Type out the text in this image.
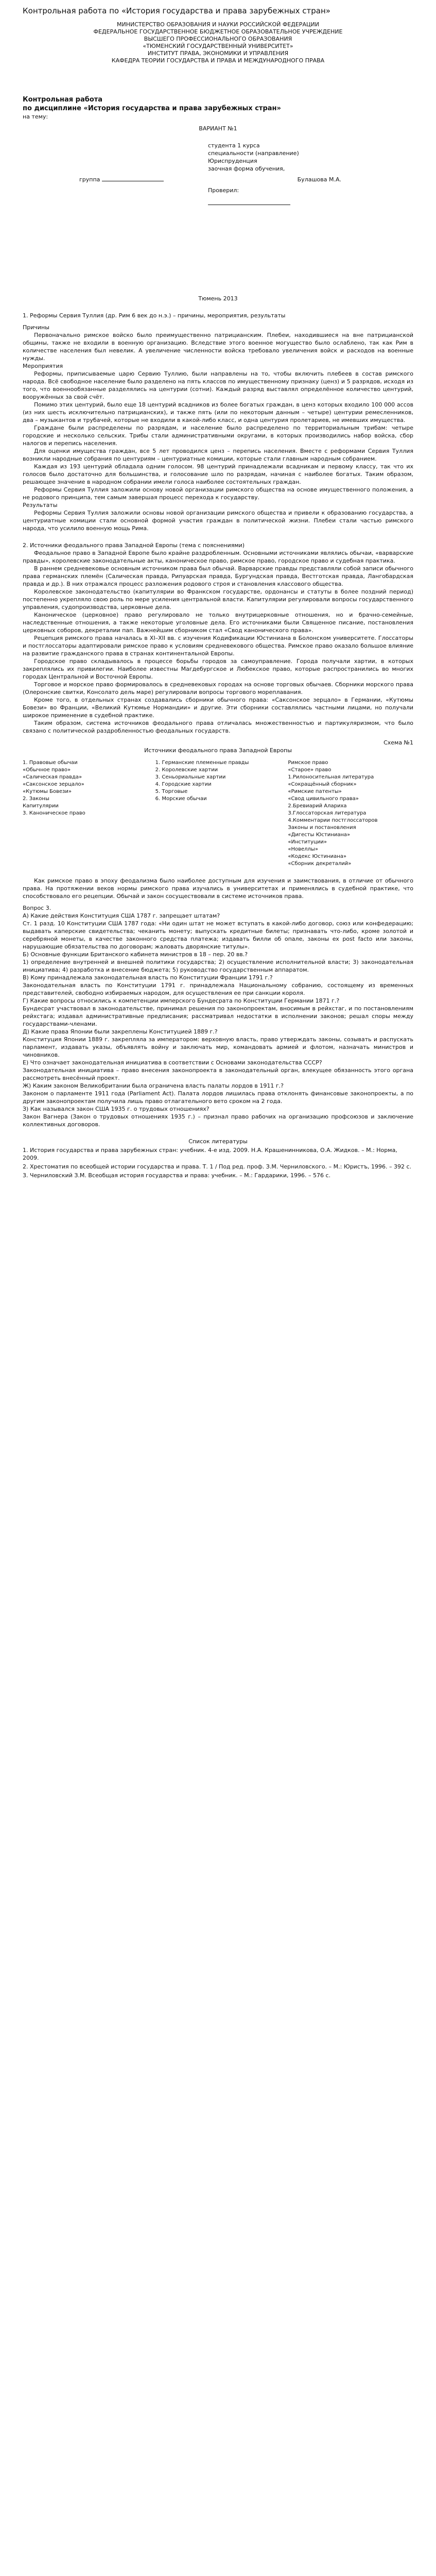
Контрольная работа по «История государства и права зарубежных стран»

МИНИСТЕРСТВО ОБРАЗОВАНИЯ И НАУКИ РОССИЙСКОЙ ФЕДЕРАЦИИ

ФЕДЕРАЛЬНОЕ ГОСУДАРСТВЕННОЕ БЮДЖЕТНОЕ ОБРАЗОВАТЕЛЬНОЕ УЧРЕЖДЕНИЕ

ВЫСШЕГО ПРОФЕССИОНАЛЬНОГО ОБРАЗОВАНИЯ

«ТЮМЕНСКИЙ ГОСУДАРСТВЕННЫЙ УНИВЕРСИТЕТ»

ИНСТИТУТ ПРАВА, ЭКОНОМИКИ И УПРАВЛЕНИЯ

КАФЕДРА ТЕОРИИ ГОСУДАРСТВА И ПРАВА И МЕЖДУНАРОДНОГО ПРАВА

Контрольная работа

по дисциплине «История государства и права зарубежных стран»

на тему:

ВАРИАНТ №1

студента 1 курса

специальности (направление)

Юриспруденция

заочная форма обучения,

группа	Булашова М.А.

Проверил:

Тюмень 2013

1. Реформы Сервия Туллия (др. Рим 6 век до н.э.) – причины, мероприятия, результаты

Причины

Первоначально римское войско было преимущественно патрицианским. Плебеи, находившиеся на вне патрицианской общины, также не входили в военную организацию. Вследствие этого военное могущество было ослаблено, так как Рим в количестве населения был невелик. А увеличение численности войска требовало увеличения войск и расходов на военные нужды.

Мероприятия

Реформы, приписываемые царю Сервию Туллию, были направлены на то, чтобы включить плебеев в состав римского народа. Всё свободное население было разделено на пять классов по имущественному признаку (ценз) и 5 разрядов, исходя из того, что военнообязанные разделялись на центурии (сотни). Каждый разряд выставлял определённое количество центурий, вооружённых за свой счёт.

Помимо этих центурий, было еще 18 центурий всадников из более богатых граждан, в ценз которых входило 100 000 ассов (из них шесть исключительно патрицианских), и также пять (или по некоторым данным – четыре) центурии ремесленников, два – музыкантов и трубачей, которые не входили в какой-либо класс, и одна центурия пролетариев, не имевших имущества.

Граждане были распределены по разрядам, и население было распределено по территориальным трибам: четыре городские и несколько сельских. Трибы стали административными округами, в которых производились набор войска, сбор налогов и перепись населения.

Для оценки имущества граждан, все 5 лет проводился ценз – перепись населения. Вместе с реформами Сервия Туллия возникли народные собрания по центуриям – центуриатные комиции, которые стали главным народным собранием.

Каждая из 193 центурий обладала одним голосом. 98 центурий принадлежали всадникам и первому классу, так что их голосов было достаточно для большинства, и голосование шло по разрядам, начиная с наиболее богатых. Таким образом, решающее значение в народном собрании имели голоса наиболее состоятельных граждан.

Реформы Сервия Туллия заложили основу новой организации римского общества на основе имущественного положения, а не родового принципа, тем самым завершая процесс перехода к государству.

Результаты

Реформы Сервия Туллия заложили основы новой организации римского общества и привели к образованию государства, а центуриатные комиции стали основной формой участия граждан в политической жизни. Плебеи стали частью римского народа, что усилило военную мощь Рима.

2. Источники феодального права Западной Европы (тема с пояснениями)

Феодальное право в Западной Европе было крайне раздробленным. Основными источниками являлись обычаи, «варварские правды», королевские законодательные акты, каноническое право, римское право, городское право и судебная практика.

В раннем средневековье основным источником права был обычай. Варварские правды представляли собой записи обычного права германских племён (Салическая правда, Рипуарская правда, Бургундская правда, Вестготская правда, Лангобардская правда и др.). В них отражался процесс разложения родового строя и становления классового общества.

Королевское законодательство (капитулярии во Франкском государстве, ордонансы и статуты в более поздний период) постепенно укрепляло свою роль по мере усиления центральной власти. Капитулярии регулировали вопросы государственного управления, судопроизводства, церковные дела.

Каноническое (церковное) право регулировало не только внутрицерковные отношения, но и брачно-семейные, наследственные отношения, а также некоторые уголовные дела. Его источниками были Священное писание, постановления церковных соборов, декреталии пап. Важнейшим сборником стал «Свод канонического права».

Рецепция римского права началась в XI–XII вв. с изучения Кодификации Юстиниана в Болонском университете. Глоссаторы и постглоссаторы адаптировали римское право к условиям средневекового общества. Римское право оказало большое влияние на развитие гражданского права в странах континентальной Европы.

Городское право складывалось в процессе борьбы городов за самоуправление. Города получали хартии, в которых закреплялись их привилегии. Наиболее известны Магдебургское и Любекское право, которые распространились во многих городах Центральной и Восточной Европы.

Торговое и морское право формировалось в средневековых городах на основе торговых обычаев. Сборники морского права (Олеронские свитки, Консолато дель маре) регулировали вопросы торгового мореплавания.

Кроме того, в отдельных странах создавались сборники обычного права: «Саксонское зерцало» в Германии, «Кутюмы Бовези» во Франции, «Великий Кутюмье Нормандии» и другие. Эти сборники составлялись частными лицами, но получали широкое применение в судебной практике.

Таким образом, система источников феодального права отличалась множественностью и партикуляризмом, что было связано с политической раздробленностью феодальных государств.

Схема №1

Источники феодального права Западной Европы

1. Правовые обычаи

«Обычное право»

«Салическая правда»

«Саксонское зерцало»

«Кутюмы Бовези»

2. Законы

Капитулярии

3. Каноническое право

1. Германские племенные правды

2. Королевские хартии

3. Сеньориальные хартии

4. Городские хартии

5. Торговые

6. Морские обычаи

Римское право

«Старое» право

1.Рилоносительная литература

«Сокращённый сборник»

«Римские патенты»

«Свод цивильного права»

2.Бревиарий Алариха

3.Глоссаторская литература

4.Комментарии постглоссаторов

Законы и постановления

«Дигесты Юстиниана»

«Институции»

«Новеллы»

«Кодекс Юстиниана»

«Сборник декреталий»

Как римское право в эпоху феодализма было наиболее доступным для изучения и заимствования, в отличие от обычного права. На протяжении веков нормы римского права изучались в университетах и применялись в судебной практике, что способствовало его рецепции. Обычай и закон сосуществовали в системе источников права.

Вопрос 3.

А) Какие действия Конституция США 1787 г. запрещает штатам?

Ст. 1 разд. 10 Конституции США 1787 года: «Ни один штат не может вступать в какой-либо договор, союз или конфедерацию; выдавать каперские свидетельства; чеканить монету; выпускать кредитные билеты; признавать что-либо, кроме золотой и серебряной монеты, в качестве законного средства платежа; издавать билли об опале, законы ex post facto или законы, нарушающие обязательства по договорам; жаловать дворянские титулы».

Б) Основные функции Британского кабинета министров в 18 – пер. 20 вв.?

1) определение внутренней и внешней политики государства; 2) осуществление исполнительной власти; 3) законодательная инициатива; 4) разработка и внесение бюджета; 5) руководство государственным аппаратом.

В) Кому принадлежала законодательная власть по Конституции Франции 1791 г.?

Законодательная власть по Конституции 1791 г. принадлежала Национальному собранию, состоящему из временных представителей, свободно избираемых народом, для осуществления ее при санкции короля.

Г) Какие вопросы относились к компетенции имперского Бундесрата по Конституции Германии 1871 г.?

Бундесрат участвовал в законодательстве, принимал решения по законопроектам, вносимым в рейхстаг, и по постановлениям рейхстага; издавал административные предписания; рассматривал недостатки в исполнении законов; решал споры между государствами-членами.

Д) Какие права Японии были закреплены Конституцией 1889 г.?

Конституция Японии 1889 г. закрепляла за императором: верховную власть, право утверждать законы, созывать и распускать парламент, издавать указы, объявлять войну и заключать мир, командовать армией и флотом, назначать министров и чиновников.

Е) Что означает законодательная инициатива в соответствии с Основами законодательства СССР?

Законодательная инициатива – право внесения законопроекта в законодательный орган, влекущее обязанность этого органа рассмотреть внесённый проект.

Ж) Каким законом Великобритании была ограничена власть палаты лордов в 1911 г.?

Законом о парламенте 1911 года (Parliament Act). Палата лордов лишилась права отклонять финансовые законопроекты, а по другим законопроектам получила лишь право отлагательного вето сроком на 2 года.

З) Как назывался закон США 1935 г. о трудовых отношениях?

Закон Вагнера (Закон о трудовых отношениях 1935 г.) – признал право рабочих на организацию профсоюзов и заключение коллективных договоров.

Список литературы

1. История государства и права зарубежных стран: учебник. 4-е изд. 2009. Н.А. Крашенинникова, О.А. Жидков. – М.: Норма, 2009.

2. Хрестоматия по всеобщей истории государства и права. Т. 1 / Под ред. проф. З.М. Черниловского. – М.: Юристъ, 1996. – 392 с.

3. Черниловский З.М. Всеобщая история государства и права: учебник. – М.: Гардарики, 1996. – 576 с.
